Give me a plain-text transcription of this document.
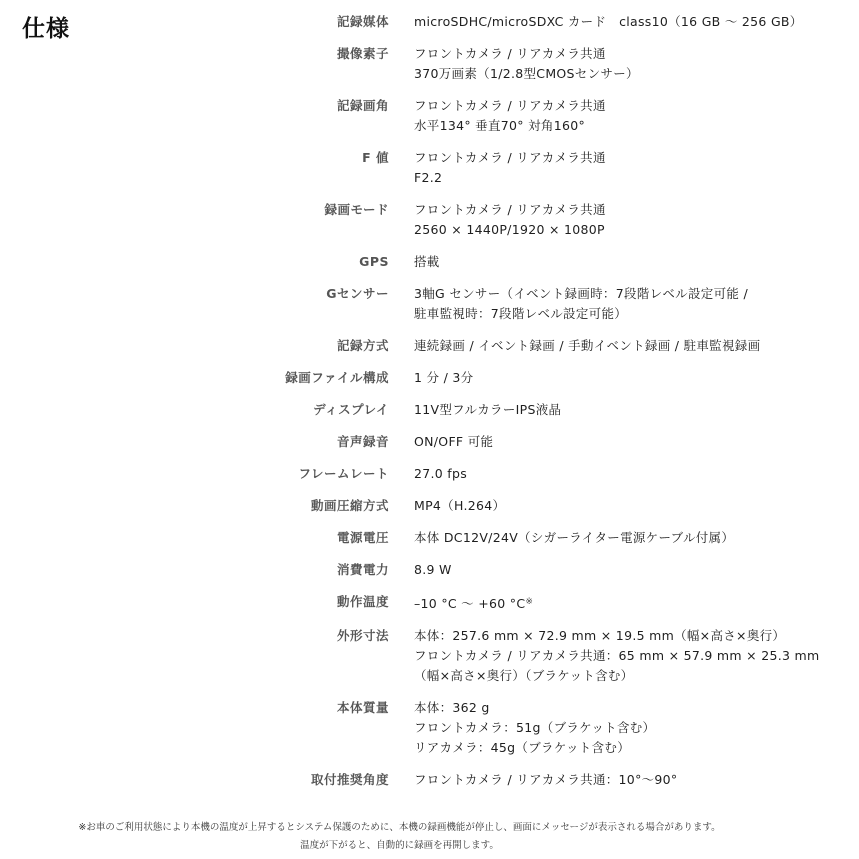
仕様	記録媒体 microSDHC/microSDXC カード　class10（16 GB ～ 256 GB）
撮像素子 フロントカメラ / リアカメラ共通
370万画素（1/2.8型CMOSセンサー）
記録画角 フロントカメラ / リアカメラ共通
水平134° 垂直70° 対角160°
F 値 フロントカメラ / リアカメラ共通
F2.2
録画モード フロントカメラ / リアカメラ共通
2560 × 1440P/1920 × 1080P
GPS 搭載
Gセンサー 3軸G センサー（イベント録画時：7段階レベル設定可能 /
駐車監視時：7段階レベル設定可能）
記録方式 連続録画 / イベント録画 / 手動イベント録画 / 駐車監視録画
録画ファイル構成 1 分 / 3分
ディスプレイ 11V型フルカラーIPS液晶
音声録音 ON/OFF 可能
フレームレート 27.0 fps
動画圧縮方式 MP4（H.264）
電源電圧 本体 DC12V/24V（シガーライター電源ケーブル付属）
消費電力 8.9 W
動作温度 –10 °C ～ +60 °C※
外形寸法 本体：257.6 mm × 72.9 mm × 19.5 mm（幅×高さ×奥行）
フロントカメラ / リアカメラ共通：65 mm × 57.9 mm × 25.3 mm
（幅×高さ×奥行）（ブラケット含む）
本体質量 本体：362 g
フロントカメラ：51g（ブラケット含む）
リアカメラ：45g（ブラケット含む）
取付推奨角度 フロントカメラ / リアカメラ共通：10°～90°
※お車のご利用状態により本機の温度が上昇するとシステム保護のために、本機の録画機能が停止し、画面にメッセージが表示される場合があります。
温度が下がると、自動的に録画を再開します。
